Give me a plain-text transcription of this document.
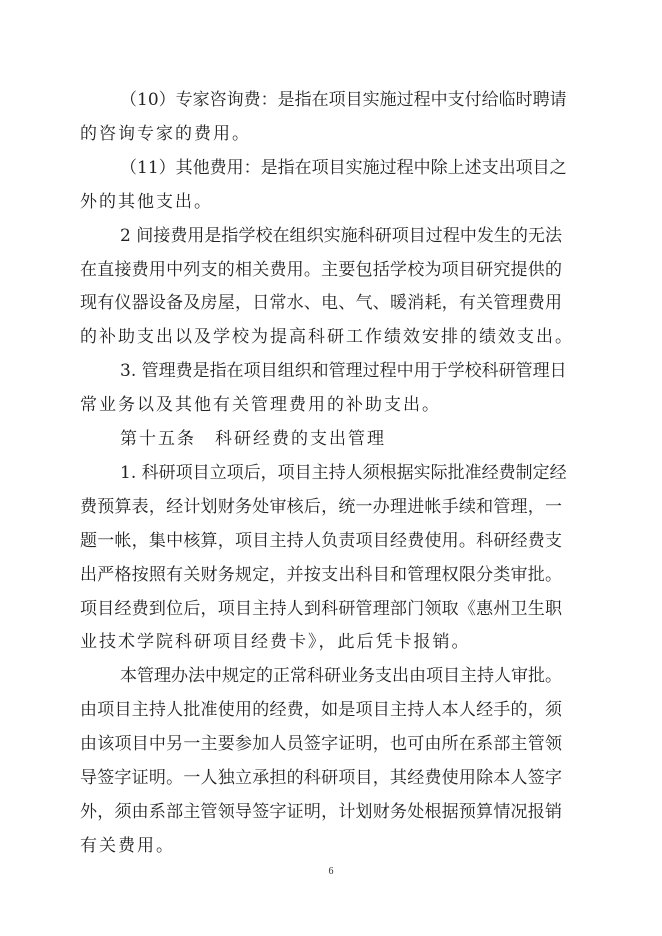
（10）专家咨询费：是指在项目实施过程中支付给临时聘请
的咨询专家的费用。
（11）其他费用：是指在项目实施过程中除上述支出项目之
外的其他支出。
2 间接费用是指学校在组织实施科研项目过程中发生的无法
在直接费用中列支的相关费用。主要包括学校为项目研究提供的
现有仪器设备及房屋，日常水、电、气、暖消耗，有关管理费用
的补助支出以及学校为提高科研工作绩效安排的绩效支出。
3. 管理费是指在项目组织和管理过程中用于学校科研管理日
常业务以及其他有关管理费用的补助支出。
第十五条　科研经费的支出管理
1. 科研项目立项后，项目主持人须根据实际批准经费制定经
费预算表，经计划财务处审核后，统一办理进帐手续和管理，一
题一帐，集中核算，项目主持人负责项目经费使用。科研经费支
出严格按照有关财务规定，并按支出科目和管理权限分类审批。
项目经费到位后，项目主持人到科研管理部门领取《惠州卫生职
业技术学院科研项目经费卡》，此后凭卡报销。
本管理办法中规定的正常科研业务支出由项目主持人审批。
由项目主持人批准使用的经费，如是项目主持人本人经手的，须
由该项目中另一主要参加人员签字证明，也可由所在系部主管领
导签字证明。一人独立承担的科研项目，其经费使用除本人签字
外，须由系部主管领导签字证明，计划财务处根据预算情况报销
有关费用。
6
